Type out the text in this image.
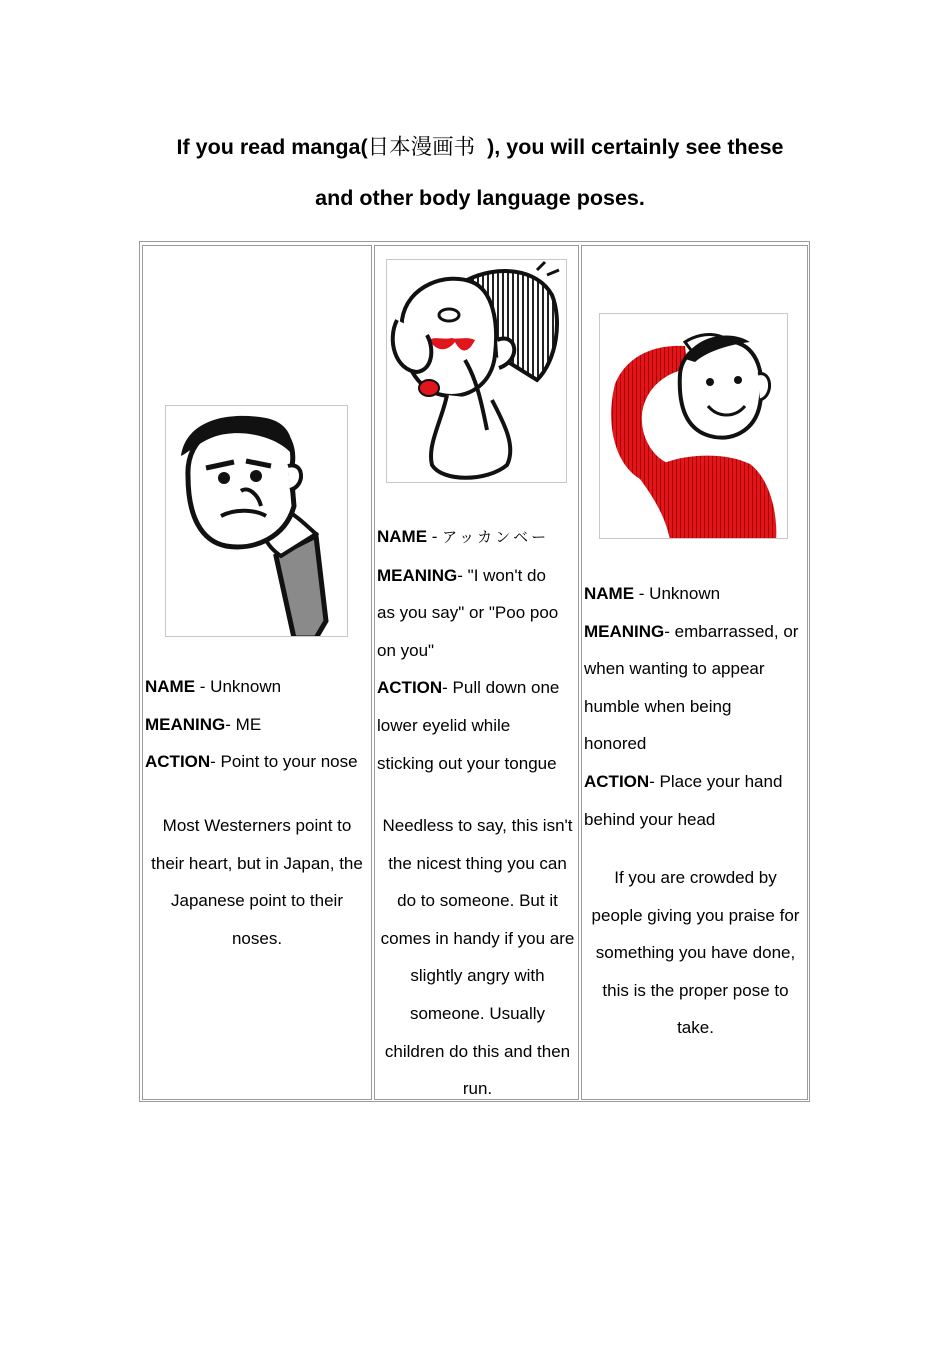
If you read manga(日本漫画书 ), you will certainly see these
and other body language poses.
NAME - Unknown
MEANING- ME
ACTION- Point to your nose
Most Westerners point to
their heart, but in Japan, the
Japanese point to their
noses.
NAME - アッカンベー
MEANING- "I won't do
as you say" or "Poo poo
on you"
ACTION- Pull down one
lower eyelid while
sticking out your tongue
Needless to say, this isn't
the nicest thing you can
do to someone. But it
comes in handy if you are
slightly angry with
someone. Usually
children do this and then
run.
NAME - Unknown
MEANING- embarrassed, or
when wanting to appear
humble when being
honored
ACTION- Place your hand
behind your head
If you are crowded by
people giving you praise for
something you have done,
this is the proper pose to
take.
